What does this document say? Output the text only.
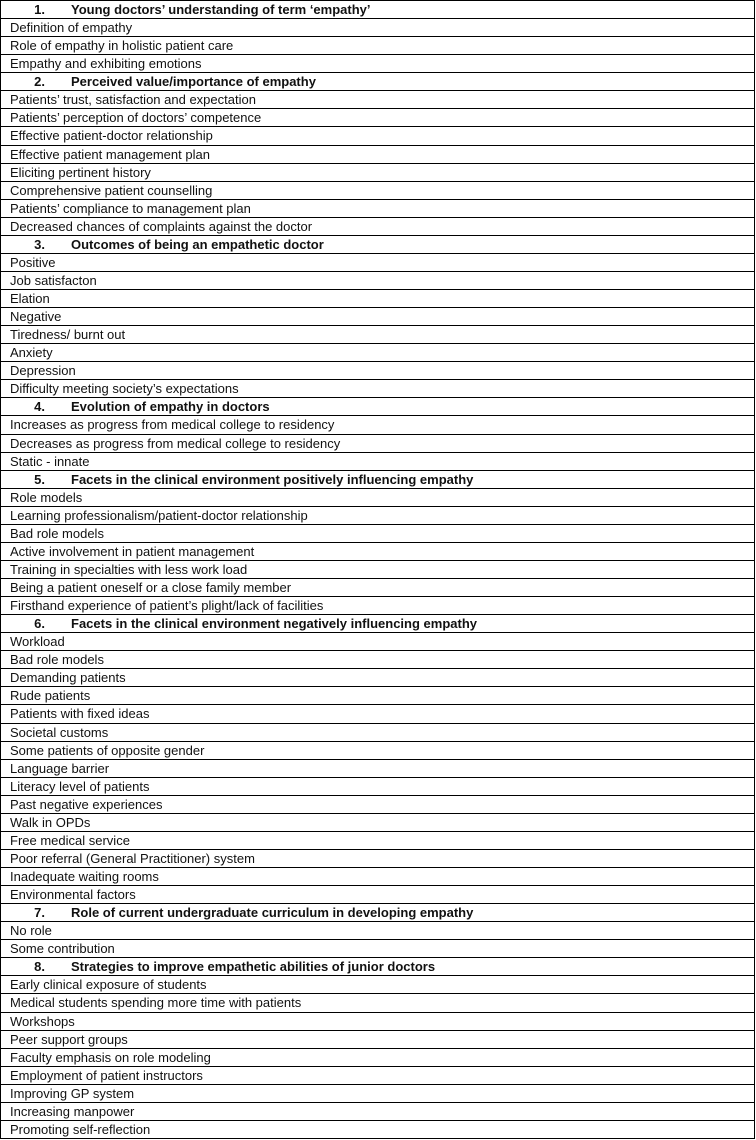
1. Young doctors’ understanding of term ‘empathy’
Definition of empathy
Role of empathy in holistic patient care
Empathy and exhibiting emotions
2. Perceived value/importance of empathy
Patients’ trust, satisfaction and expectation
Patients’ perception of doctors’ competence
Effective patient-doctor relationship
Effective patient management plan
Eliciting pertinent history
Comprehensive patient counselling
Patients’ compliance to management plan
Decreased chances of complaints against the doctor
3. Outcomes of being an empathetic doctor
Positive
Job satisfacton
Elation
Negative
Tiredness/ burnt out
Anxiety
Depression
Difficulty meeting society’s expectations
4. Evolution of empathy in doctors
Increases as progress from medical college to residency
Decreases as progress from medical college to residency
Static - innate
5. Facets in the clinical environment positively influencing empathy
Role models
Learning professionalism/patient-doctor relationship
Bad role models
Active involvement in patient management
Training in specialties with less work load
Being a patient oneself or a close family member
Firsthand experience of patient’s plight/lack of facilities
6. Facets in the clinical environment negatively influencing empathy
Workload
Bad role models
Demanding patients
Rude patients
Patients with fixed ideas
Societal customs
Some patients of opposite gender
Language barrier
Literacy level of patients
Past negative experiences
Walk in OPDs
Free medical service
Poor referral (General Practitioner) system
Inadequate waiting rooms
Environmental factors
7. Role of current undergraduate curriculum in developing empathy
No role
Some contribution
8. Strategies to improve empathetic abilities of junior doctors
Early clinical exposure of students
Medical students spending more time with patients
Workshops
Peer support groups
Faculty emphasis on role modeling
Employment of patient instructors
Improving GP system
Increasing manpower
Promoting self-reflection
